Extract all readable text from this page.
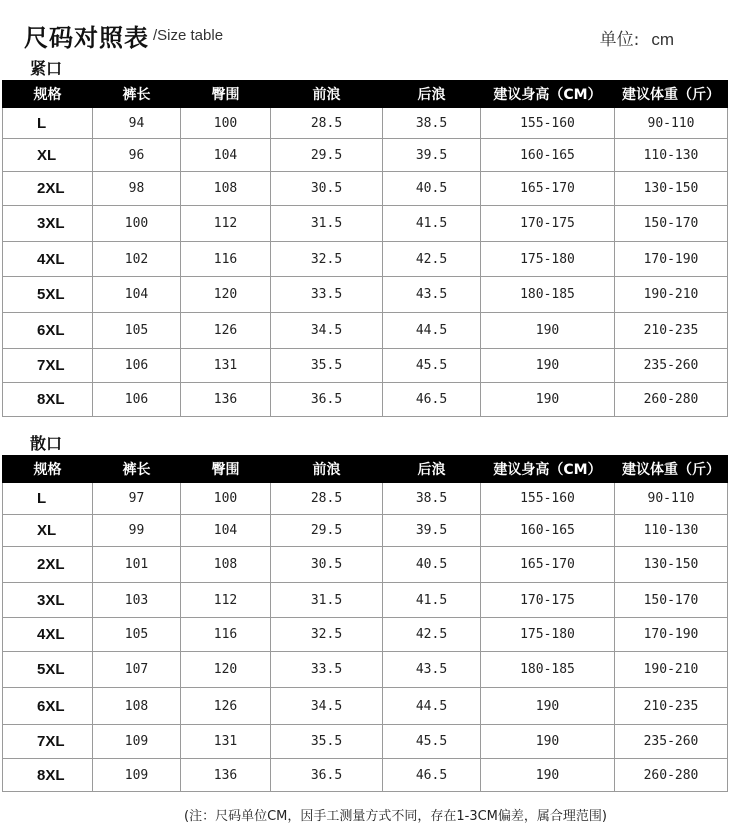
尺码对照表 /Size table	单位: cm
紧口
规格	裤长	臀围	前浪	后浪	建议身高（CM）	建议体重（斤）
L	94	100	28.5	38.5	155-160	90-110
XL	96	104	29.5	39.5	160-165	110-130
2XL	98	108	30.5	40.5	165-170	130-150
3XL	100	112	31.5	41.5	170-175	150-170
4XL	102	116	32.5	42.5	175-180	170-190
5XL	104	120	33.5	43.5	180-185	190-210
6XL	105	126	34.5	44.5	190	210-235
7XL	106	131	35.5	45.5	190	235-260
8XL	106	136	36.5	46.5	190	260-280
散口
规格	裤长	臀围	前浪	后浪	建议身高（CM）	建议体重（斤）
L	97	100	28.5	38.5	155-160	90-110
XL	99	104	29.5	39.5	160-165	110-130
2XL	101	108	30.5	40.5	165-170	130-150
3XL	103	112	31.5	41.5	170-175	150-170
4XL	105	116	32.5	42.5	175-180	170-190
5XL	107	120	33.5	43.5	180-185	190-210
6XL	108	126	34.5	44.5	190	210-235
7XL	109	131	35.5	45.5	190	235-260
8XL	109	136	36.5	46.5	190	260-280
(注：尺码单位CM，因手工测量方式不同，存在1-3CM偏差，属合理范围)
